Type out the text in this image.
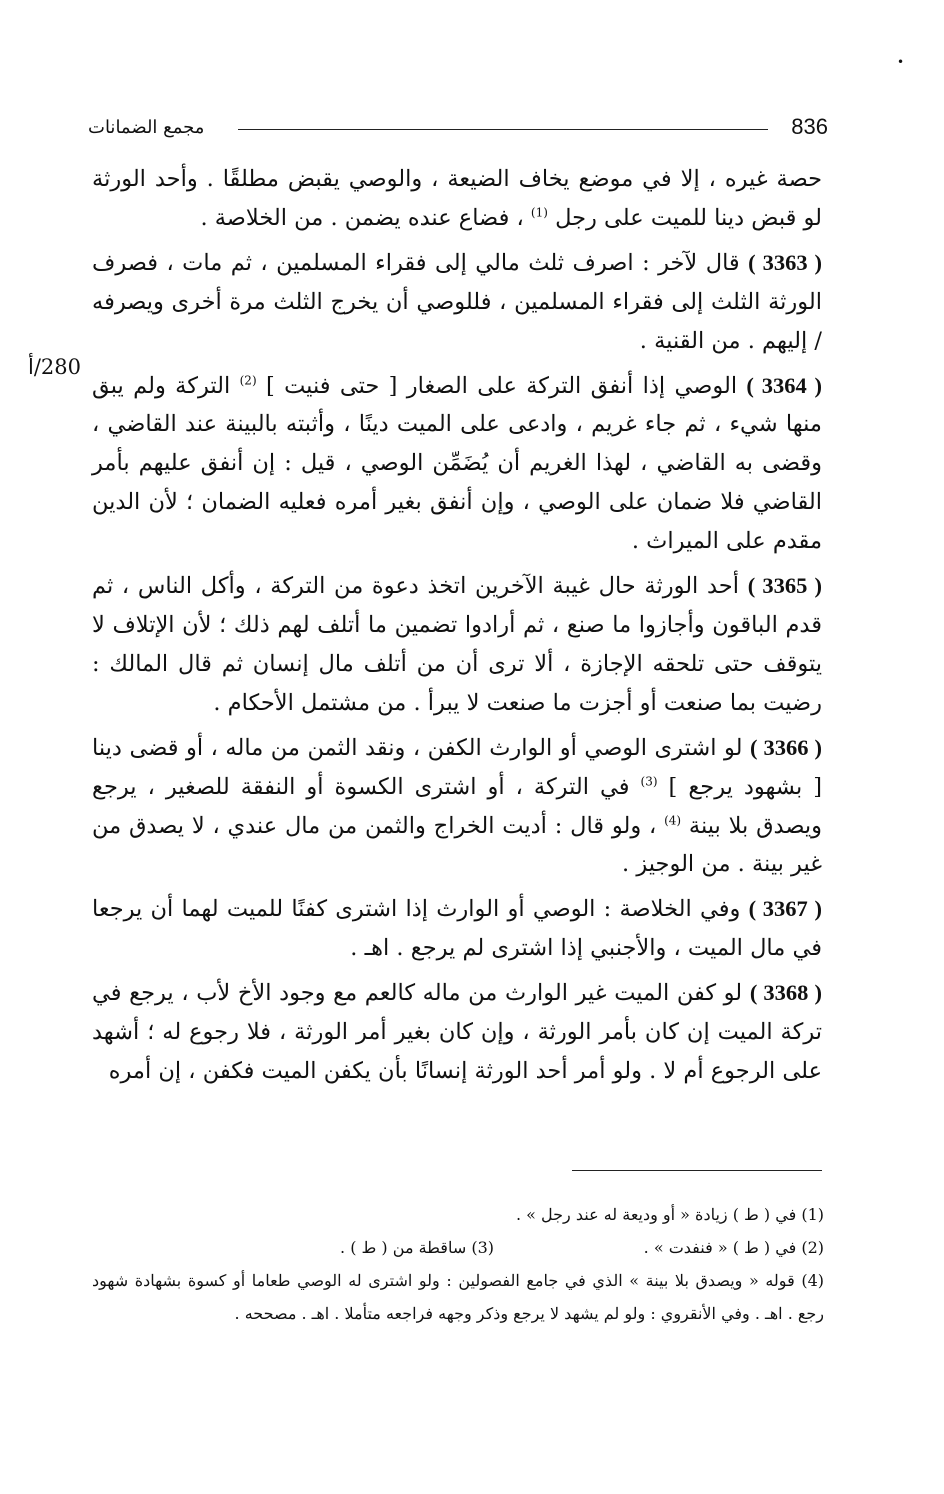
•
مجمع الضمانات	836
280/أ

حصة غيره ، إلا في موضع يخاف الضيعة ، والوصي يقبض مطلقًا . وأحد الورثة لو قبض دينا للميت على رجل $^{(1)}$ ، فضاع عنده يضمن . من الخلاصة .

( 3363 ) قال لآخر : اصرف ثلث مالي إلى فقراء المسلمين ، ثم مات ، فصرف الورثة الثلث إلى فقراء المسلمين ، فللوصي أن يخرج الثلث مرة أخرى ويصرفه / إليهم . من القنية .

( 3364 ) الوصي إذا أنفق التركة على الصغار [ حتى فنيت ] $^{(2)}$ التركة ولم يبق منها شيء ، ثم جاء غريم ، وادعى على الميت دينًا ، وأثبته بالبينة عند القاضي ، وقضى به القاضي ، لهذا الغريم أن يُضَمِّن الوصي ، قيل : إن أنفق عليهم بأمر القاضي فلا ضمان على الوصي ، وإن أنفق بغير أمره فعليه الضمان ؛ لأن الدين مقدم على الميراث .

( 3365 ) أحد الورثة حال غيبة الآخرين اتخذ دعوة من التركة ، وأكل الناس ، ثم قدم الباقون وأجازوا ما صنع ، ثم أرادوا تضمين ما أتلف لهم ذلك ؛ لأن الإتلاف لا يتوقف حتى تلحقه الإجازة ، ألا ترى أن من أتلف مال إنسان ثم قال المالك : رضيت بما صنعت أو أجزت ما صنعت لا يبرأ . من مشتمل الأحكام .

( 3366 ) لو اشترى الوصي أو الوارث الكفن ، ونقد الثمن من ماله ، أو قضى دينا [ بشهود يرجع ] $^{(3)}$ في التركة ، أو اشترى الكسوة أو النفقة للصغير ، يرجع ويصدق بلا بينة $^{(4)}$ ، ولو قال : أديت الخراج والثمن من مال عندي ، لا يصدق من غير بينة . من الوجيز .

( 3367 ) وفي الخلاصة : الوصي أو الوارث إذا اشترى كفنًا للميت لهما أن يرجعا في مال الميت ، والأجنبي إذا اشترى لم يرجع . اهـ .

( 3368 ) لو كفن الميت غير الوارث من ماله كالعم مع وجود الأخ لأب ، يرجع في تركة الميت إن كان بأمر الورثة ، وإن كان بغير أمر الورثة ، فلا رجوع له ؛ أشهد على الرجوع أم لا . ولو أمر أحد الورثة إنسانًا بأن يكفن الميت فكفن ، إن أمره

(1) في ( ط ) زيادة « أو وديعة له عند رجل » .
(2) في ( ط ) « فنفدت » .
(3) ساقطة من ( ط ) .
(4) قوله « ويصدق بلا بينة » الذي في جامع الفصولين : ولو اشترى له الوصي طعاما أو كسوة بشهادة شهود رجع . اهـ . وفي الأنقروي : ولو لم يشهد لا يرجع وذكر وجهه فراجعه متأملا . اهـ . مصححه .
